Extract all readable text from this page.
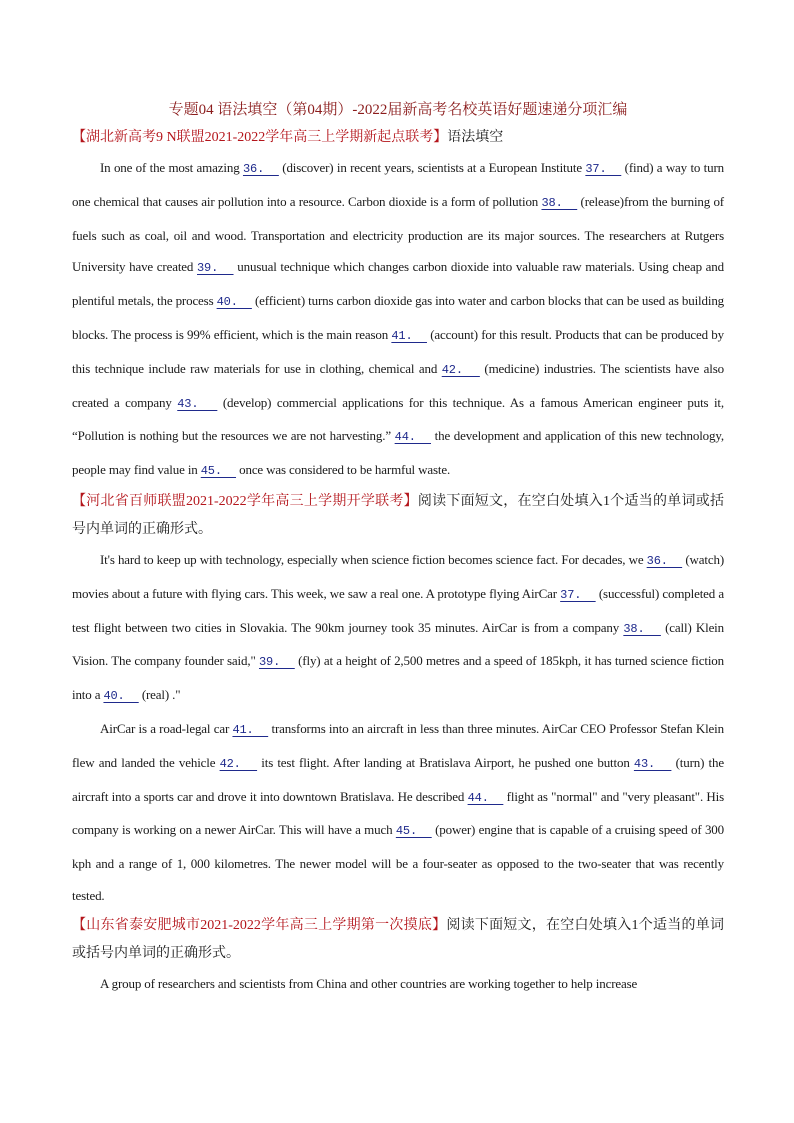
专题04 语法填空（第04期）-2022届新高考名校英语好题速递分项汇编

【湖北新高考9 N联盟2021-2022学年高三上学期新起点联考】语法填空

In one of the most amazing 36.   (discover) in recent years, scientists at a European Institute 37.   (find) a way to turn one chemical that causes air pollution into a resource. Carbon dioxide is a form of pollution 38.   (release)from the burning of fuels such as coal, oil and wood. Transportation and electricity production are its major sources. The researchers at Rutgers University have created 39.   unusual technique which changes carbon dioxide into valuable raw materials. Using cheap and plentiful metals, the process 40.   (efficient) turns carbon dioxide gas into water and carbon blocks that can be used as building blocks. The process is 99% efficient, which is the main reason 41.   (account) for this result. Products that can be produced by this technique include raw materials for use in clothing, chemical and 42.   (medicine) industries. The scientists have also created a company 43.   (develop) commercial applications for this technique. As a famous American engineer puts it, “Pollution is nothing but the resources we are not harvesting.” 44.   the development and application of this new technology, people may find value in 45.   once was considered to be harmful waste.

【河北省百师联盟2021-2022学年高三上学期开学联考】阅读下面短文，在空白处填入1个适当的单词或括号内单词的正确形式。

It's hard to keep up with technology, especially when science fiction becomes science fact. For decades, we 36.   (watch) movies about a future with flying cars. This week, we saw a real one. A prototype flying AirCar 37.   (successful) completed a test flight between two cities in Slovakia. The 90km journey took 35 minutes. AirCar is from a company 38.   (call) Klein Vision. The company founder said," 39.   (fly) at a height of 2,500 metres and a speed of 185kph, it has turned science fiction into a 40.   (real) ."

AirCar is a road-legal car 41.   transforms into an aircraft in less than three minutes. AirCar CEO Professor Stefan Klein flew and landed the vehicle 42.   its test flight. After landing at Bratislava Airport, he pushed one button 43.   (turn) the aircraft into a sports car and drove it into downtown Bratislava. He described 44.   flight as "normal" and "very pleasant". His company is working on a newer AirCar. This will have a much 45.   (power) engine that is capable of a cruising speed of 300 kph and a range of 1, 000 kilometres. The newer model will be a four-seater as opposed to the two-seater that was recently tested.

【山东省泰安肥城市2021-2022学年高三上学期第一次摸底】阅读下面短文，在空白处填入1个适当的单词或括号内单词的正确形式。

A group of researchers and scientists from China and other countries are working together to help increase
